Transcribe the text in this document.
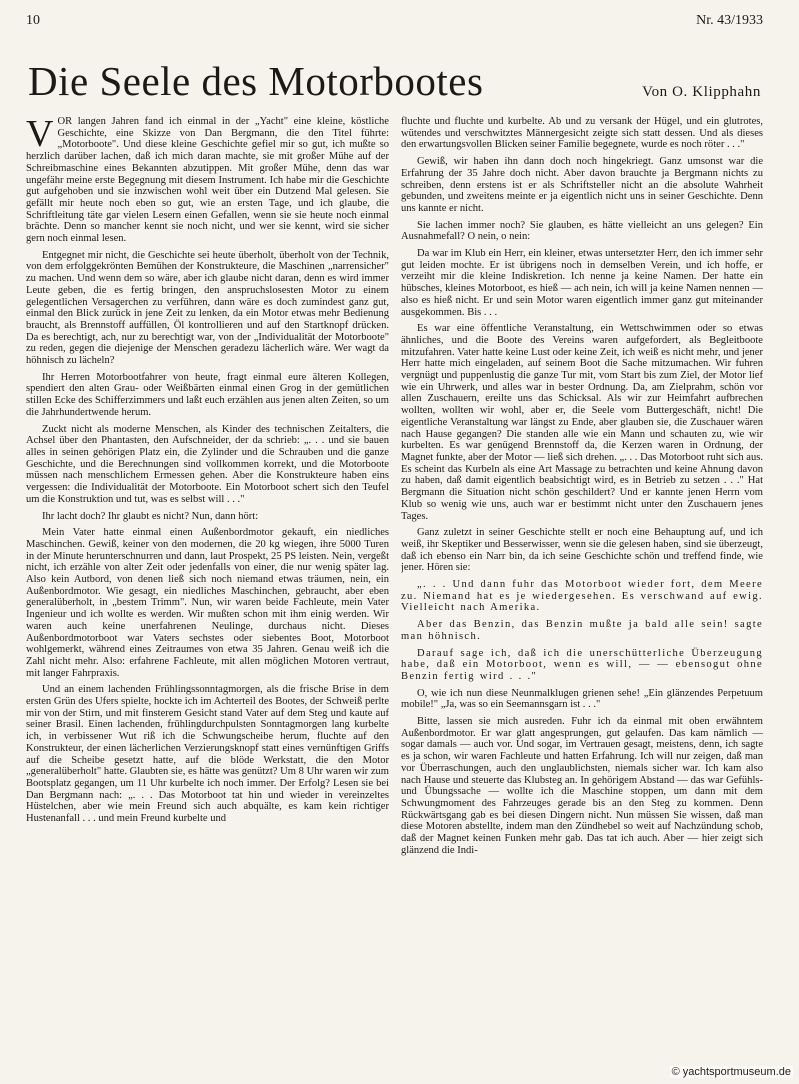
10	Nr. 43/1933
Die Seele des Motorbootes	Von O. Klipphahn

VOR langen Jahren fand ich einmal in der „Yacht" eine kleine, köstliche Geschichte, eine Skizze von Dan Bergmann, die den Titel führte: „Motorboote". Und diese kleine Geschichte gefiel mir so gut, ich mußte so herzlich darüber lachen, daß ich mich daran machte, sie mit großer Mühe auf der Schreibmaschine eines Bekannten abzutippen. Mit großer Mühe, denn das war ungefähr meine erste Begegnung mit diesem Instrument. Ich habe mir die Geschichte gut aufgehoben und sie inzwischen wohl weit über ein Dutzend Mal gelesen. Sie gefällt mir heute noch eben so gut, wie an ersten Tage, und ich glaube, die Schriftleitung täte gar vielen Lesern einen Gefallen, wenn sie sie heute noch einmal brächte. Denn so mancher kennt sie noch nicht, und wer sie kennt, wird sie sicher gern noch einmal lesen.

Entgegnet mir nicht, die Geschichte sei heute überholt, überholt von der Technik, von dem erfolggekrönten Bemühen der Konstrukteure, die Maschinen „narrensicher" zu machen. Und wenn dem so wäre, aber ich glaube nicht daran, denn es wird immer Leute geben, die es fertig bringen, den anspruchslosesten Motor zu einem gelegentlichen Versagerchen zu verführen, dann wäre es doch zumindest ganz gut, einmal den Blick zurück in jene Zeit zu lenken, da ein Motor etwas mehr Bedienung braucht, als Brennstoff auffüllen, Öl kontrollieren und auf den Startknopf drücken. Da es berechtigt, ach, nur zu berechtigt war, von der „Individualität der Motorboote" zu reden, gegen die diejenige der Menschen geradezu lächerlich wäre. Wer wagt da höhnisch zu lächeln?

Ihr Herren Motorbootfahrer von heute, fragt einmal eure älteren Kollegen, spendiert den alten Grau- oder Weißbärten einmal einen Grog in der gemütlichen stillen Ecke des Schifferzimmers und laßt euch erzählen aus jenen alten Zeiten, so um die Jahrhundertwende herum.

Zuckt nicht als moderne Menschen, als Kinder des technischen Zeitalters, die Achsel über den Phantasten, den Aufschneider, der da schrieb: „. . . und sie bauen alles in seinen gehörigen Platz ein, die Zylinder und die Schrauben und die ganze Geschichte, und die Berechnungen sind vollkommen korrekt, und die Motorboote müssen nach menschlichem Ermessen gehen. Aber die Konstrukteure haben eins vergessen: die Individualität der Motorboote. Ein Motorboot schert sich den Teufel um die Konstruktion und tut, was es selbst will . . ."

Ihr lacht doch? Ihr glaubt es nicht? Nun, dann hört:

Mein Vater hatte einmal einen Außenbordmotor gekauft, ein niedliches Maschinchen. Gewiß, keiner von den modernen, die 20 kg wiegen, ihre 5000 Turen in der Minute herunterschnurren und dann, laut Prospekt, 25 PS leisten. Nein, vergeßt nicht, ich erzähle von alter Zeit oder jedenfalls von einer, die nur wenig später lag. Also kein Autbord, von denen ließ sich noch niemand etwas träumen, nein, ein Außenbordmotor. Wie gesagt, ein niedliches Maschinchen, gebraucht, aber eben generalüberholt, in „bestem Trimm". Nun, wir waren beide Fachleute, mein Vater Ingenieur und ich wollte es werden. Wir mußten schon mit ihm einig werden. Wir waren auch keine unerfahrenen Neulinge, durchaus nicht. Dieses Außenbordmotorboot war Vaters sechstes oder siebentes Boot, Motorboot wohlgemerkt, während eines Zeitraumes von etwa 35 Jahren. Genau weiß ich die Zahl nicht mehr. Also: erfahrene Fachleute, mit allen möglichen Motoren vertraut, mit langer Fahrpraxis.

Und an einem lachenden Frühlingssonntagmorgen, als die frische Brise in dem ersten Grün des Ufers spielte, hockte ich im Achterteil des Bootes, der Schweiß perlte mir von der Stirn, und mit finsterem Gesicht stand Vater auf dem Steg und kaute auf seiner Brasil. Einen lachenden, frühlingdurchpulsten Sonntagmorgen lang kurbelte ich, in verbissener Wut riß ich die Schwungscheibe herum, fluchte auf den Konstrukteur, der einen lächerlichen Verzierungsknopf statt eines vernünftigen Griffs auf die Scheibe gesetzt hatte, auf die blöde Werkstatt, die den Motor „generalüberholt" hatte. Glaubten sie, es hätte was genützt? Um 8 Uhr waren wir zum Bootsplatz gegangen, um 11 Uhr kurbelte ich noch immer. Der Erfolg? Lesen sie bei Dan Bergmann nach: „. . . Das Motorboot tat hin und wieder in vereinzeltes Hüstelchen, aber wie mein Freund sich auch abquälte, es kam kein richtiger Hustenanfall . . . und mein Freund kurbelte und

fluchte und fluchte und kurbelte. Ab und zu versank der Hügel, und ein glutrotes, wütendes und verschwitztes Männergesicht zeigte sich statt dessen. Und als dieses den erwartungsvollen Blicken seiner Familie begegnete, wurde es noch röter . . ."

Gewiß, wir haben ihn dann doch noch hingekriegt. Ganz umsonst war die Erfahrung der 35 Jahre doch nicht. Aber davon brauchte ja Bergmann nichts zu schreiben, denn erstens ist er als Schriftsteller nicht an die absolute Wahrheit gebunden, und zweitens meinte er ja eigentlich nicht uns in seiner Geschichte. Denn uns kannte er nicht.

Sie lachen immer noch? Sie glauben, es hätte vielleicht an uns gelegen? Ein Ausnahmefall? O nein, o nein:

Da war im Klub ein Herr, ein kleiner, etwas untersetzter Herr, den ich immer sehr gut leiden mochte. Er ist übrigens noch in demselben Verein, und ich hoffe, er verzeiht mir die kleine Indiskretion. Ich nenne ja keine Namen. Der hatte ein hübsches, kleines Motorboot, es hieß — ach nein, ich will ja keine Namen nennen — also es hieß nicht. Er und sein Motor waren eigentlich immer ganz gut miteinander ausgekommen. Bis . . .

Es war eine öffentliche Veranstaltung, ein Wettschwimmen oder so etwas ähnliches, und die Boote des Vereins waren aufgefordert, als Begleitboote mitzufahren. Vater hatte keine Lust oder keine Zeit, ich weiß es nicht mehr, und jener Herr hatte mich eingeladen, auf seinem Boot die Sache mitzumachen. Wir fuhren vergnügt und puppenlustig die ganze Tur mit, vom Start bis zum Ziel, der Motor lief wie ein Uhrwerk, und alles war in bester Ordnung. Da, am Zielprahm, schön vor allen Zuschauern, ereilte uns das Schicksal. Als wir zur Heimfahrt aufbrechen wollten, wollten wir wohl, aber er, die Seele vom Buttergeschäft, nicht! Die eigentliche Veranstaltung war längst zu Ende, aber glauben sie, die Zuschauer wären nach Hause gegangen? Die standen alle wie ein Mann und schauten zu, wie wir kurbelten. Es war genügend Brennstoff da, die Kerzen waren in Ordnung, der Magnet funkte, aber der Motor — ließ sich drehen. „. . . Das Motorboot ruht sich aus. Es scheint das Kurbeln als eine Art Massage zu betrachten und keine Ahnung davon zu haben, daß damit eigentlich beabsichtigt wird, es in Betrieb zu setzen . . ." Hat Bergmann die Situation nicht schön geschildert? Und er kannte jenen Herrn vom Klub so wenig wie uns, auch war er bestimmt nicht unter den Zuschauern jenes Tages.

Ganz zuletzt in seiner Geschichte stellt er noch eine Behauptung auf, und ich weiß, ihr Skeptiker und Besserwisser, wenn sie die gelesen haben, sind sie überzeugt, daß ich ebenso ein Narr bin, da ich seine Geschichte schön und treffend finde, wie jener. Hören sie:

„. . . Und dann fuhr das Motorboot wieder fort, dem Meere zu. Niemand hat es je wiedergesehen. Es verschwand auf ewig. Vielleicht nach Amerika.

Aber das Benzin, das Benzin mußte ja bald alle sein! sagte man höhnisch.

Darauf sage ich, daß ich die unerschütterliche Überzeugung habe, daß ein Motorboot, wenn es will, — — ebensogut ohne Benzin fertig wird . . ."

O, wie ich nun diese Neunmalklugen grienen sehe! „Ein glänzendes Perpetuum mobile!" „Ja, was so ein Seemannsgarn ist . . ."

Bitte, lassen sie mich ausreden. Fuhr ich da einmal mit oben erwähntem Außenbordmotor. Er war glatt angesprungen, gut gelaufen. Das kam nämlich — sogar damals — auch vor. Und sogar, im Vertrauen gesagt, meistens, denn, ich sagte es ja schon, wir waren Fachleute und hatten Erfahrung. Ich will nur zeigen, daß man vor Überraschungen, auch den unglaublichsten, niemals sicher war. Ich kam also nach Hause und steuerte das Klubsteg an. In gehörigem Abstand — das war Gefühls- und Übungssache — wollte ich die Maschine stoppen, um dann mit dem Schwungmoment des Fahrzeuges gerade bis an den Steg zu kommen. Denn Rückwärtsgang gab es bei diesen Dingern nicht. Nun müssen Sie wissen, daß man diese Motoren abstellte, indem man den Zündhebel so weit auf Nachzündung schob, daß der Magnet keinen Funken mehr gab. Das tat ich auch. Aber — hier zeigt sich glänzend die Indi-

© yachtsportmuseum.de
